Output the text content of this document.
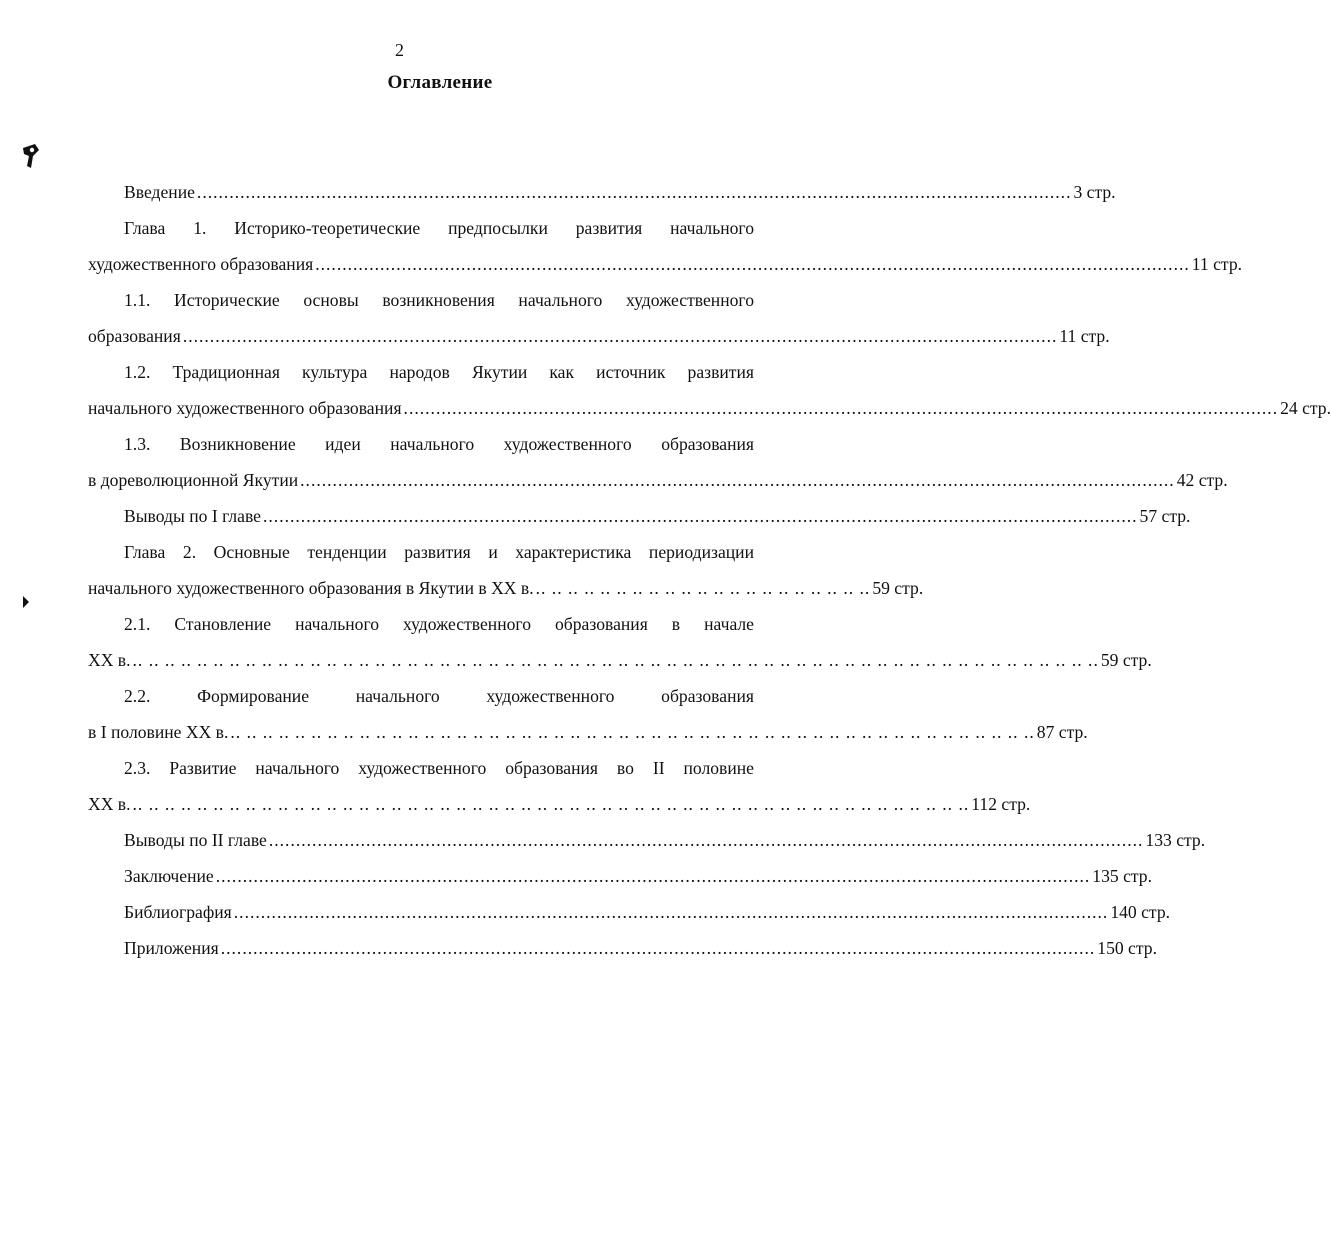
2
Оглавление
Введение .................................................................................................................................................................. 3 стр.
Глава 1. Историко-теоретические предпосылки развития начального
художественного образования .................................................................................................................................................................. 11 стр.
1.1. Исторические основы возникновения начального художественного
образования .................................................................................................................................................................. 11 стр.
1.2. Традиционная культура народов Якутии как источник развития
начального художественного образования .................................................................................................................................................................. 24 стр.
1.3. Возникновение идеи начального художественного образования
в дореволюционной Якутии .................................................................................................................................................................. 42 стр.
Выводы по I главе .................................................................................................................................................................. 57 стр.
Глава 2. Основные тенденции развития и характеристика периодизации
начального художественного образования в Якутии в XX в. .. .. .. .. .. .. .. .. .. .. .. .. .. .. .. .. .. .. .. .. .. 59 стр.
2.1. Становление начального художественного образования в начале
XX в. .. .. .. .. .. .. .. .. .. .. .. .. .. .. .. .. .. .. .. .. .. .. .. .. .. .. .. .. .. .. .. .. .. .. .. .. .. .. .. .. .. .. .. .. .. .. .. .. .. .. .. .. .. .. .. .. .. .. .. .. 59 стр.
2.2. Формирование начального художественного образования
в I половине XX в. .. .. .. .. .. .. .. .. .. .. .. .. .. .. .. .. .. .. .. .. .. .. .. .. .. .. .. .. .. .. .. .. .. .. .. .. .. .. .. .. .. .. .. .. .. .. .. .. .. .. 87 стр.
2.3. Развитие начального художественного образования во II половине
XX в. .. .. .. .. .. .. .. .. .. .. .. .. .. .. .. .. .. .. .. .. .. .. .. .. .. .. .. .. .. .. .. .. .. .. .. .. .. .. .. .. .. .. .. .. .. .. .. .. .. .. .. .. 112 стр.
Выводы по II главе .................................................................................................................................................................. 133 стр.
Заключение .................................................................................................................................................................. 135 стр.
Библиография .................................................................................................................................................................. 140 стр.
Приложения .................................................................................................................................................................. 150 стр.
